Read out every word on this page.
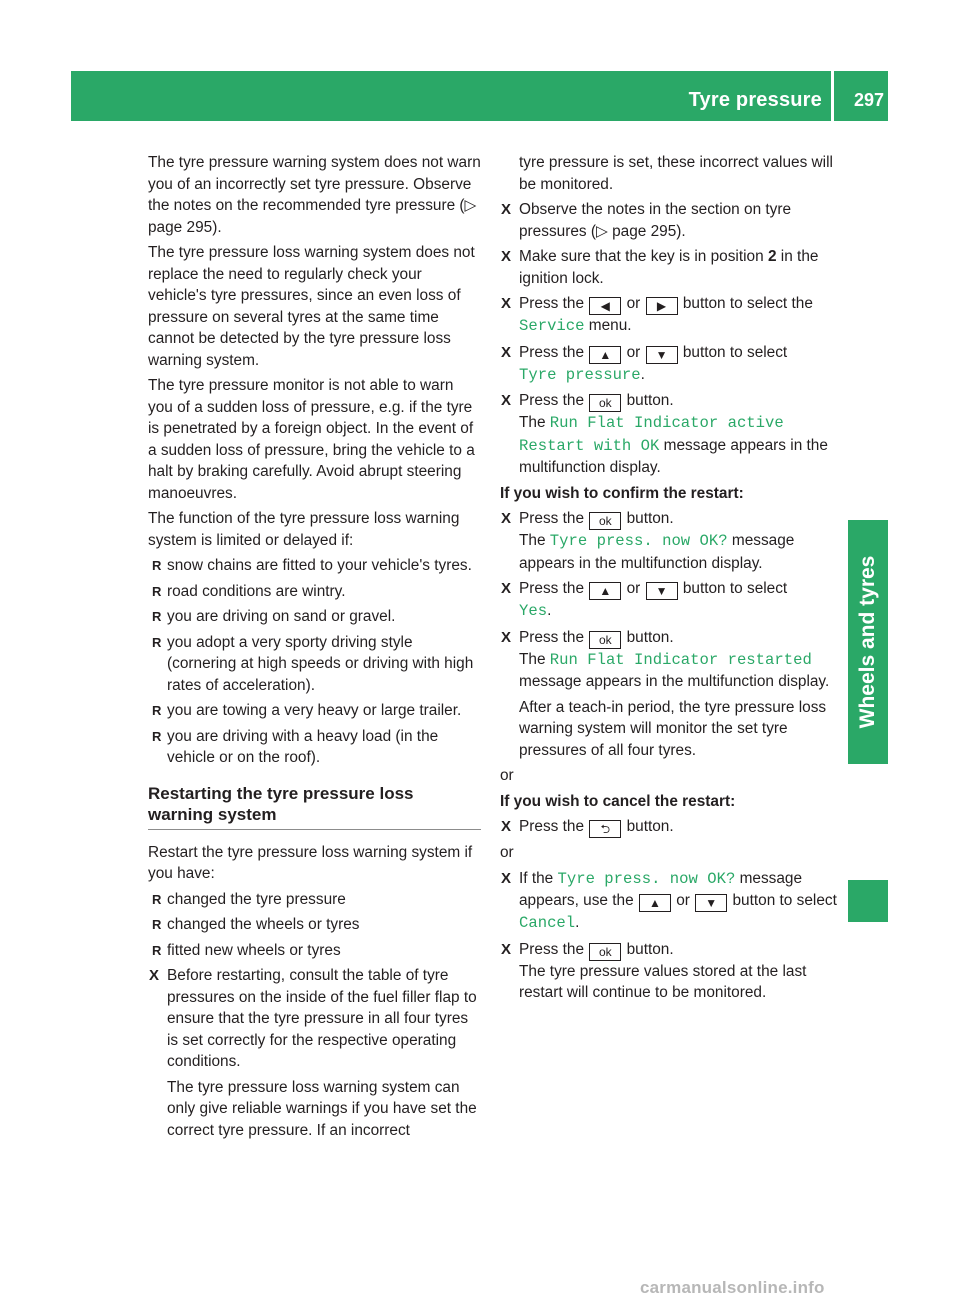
Tyre pressure 297
Wheels and tyres

The tyre pressure warning system does not warn you of an incorrectly set tyre pressure. Observe the notes on the recommended tyre pressure (▷ page 295).

The tyre pressure loss warning system does not replace the need to regularly check your vehicle's tyre pressures, since an even loss of pressure on several tyres at the same time cannot be detected by the tyre pressure loss warning system.

The tyre pressure monitor is not able to warn you of a sudden loss of pressure, e.g. if the tyre is penetrated by a foreign object. In the event of a sudden loss of pressure, bring the vehicle to a halt by braking carefully. Avoid abrupt steering manoeuvres.

The function of the tyre pressure loss warning system is limited or delayed if:

R snow chains are fitted to your vehicle's tyres.
R road conditions are wintry.
R you are driving on sand or gravel.
R you adopt a very sporty driving style (cornering at high speeds or driving with high rates of acceleration).
R you are towing a very heavy or large trailer.
R you are driving with a heavy load (in the vehicle or on the roof).
Restarting the tyre pressure loss warning system

Restart the tyre pressure loss warning system if you have:

R changed the tyre pressure
R changed the wheels or tyres
R fitted new wheels or tyres
X Before restarting, consult the table of tyre pressures on the inside of the fuel filler flap to ensure that the tyre pressure in all four tyres is set correctly for the respective operating conditions.
The tyre pressure loss warning system can only give reliable warnings if you have set the correct tyre pressure. If an incorrect

tyre pressure is set, these incorrect values will be monitored.

X Observe the notes in the section on tyre pressures (▷ page 295).
X Make sure that the key is in position 2 in the ignition lock.
X Press the ◀ or ▶ button to select the
Service menu.
X Press the ▲ or ▼ button to select
Tyre pressure.
X Press the ok button.
The Run Flat Indicator active
Restart with OK message appears in the multifunction display.

If you wish to confirm the restart:

X Press the ok button.
The Tyre press. now OK? message appears in the multifunction display.
X Press the ▲ or ▼ button to select
Yes.
X Press the ok button.
The Run Flat Indicator restarted
message appears in the multifunction display.
After a teach-in period, the tyre pressure loss warning system will monitor the set tyre pressures of all four tyres.

or

If you wish to cancel the restart:

X Press the ⮌ button.

or

X If the Tyre press. now OK? message appears, use the ▲ or ▼ button to select Cancel.
X Press the ok button.
The tyre pressure values stored at the last restart will continue to be monitored.
carmanualsonline.info
